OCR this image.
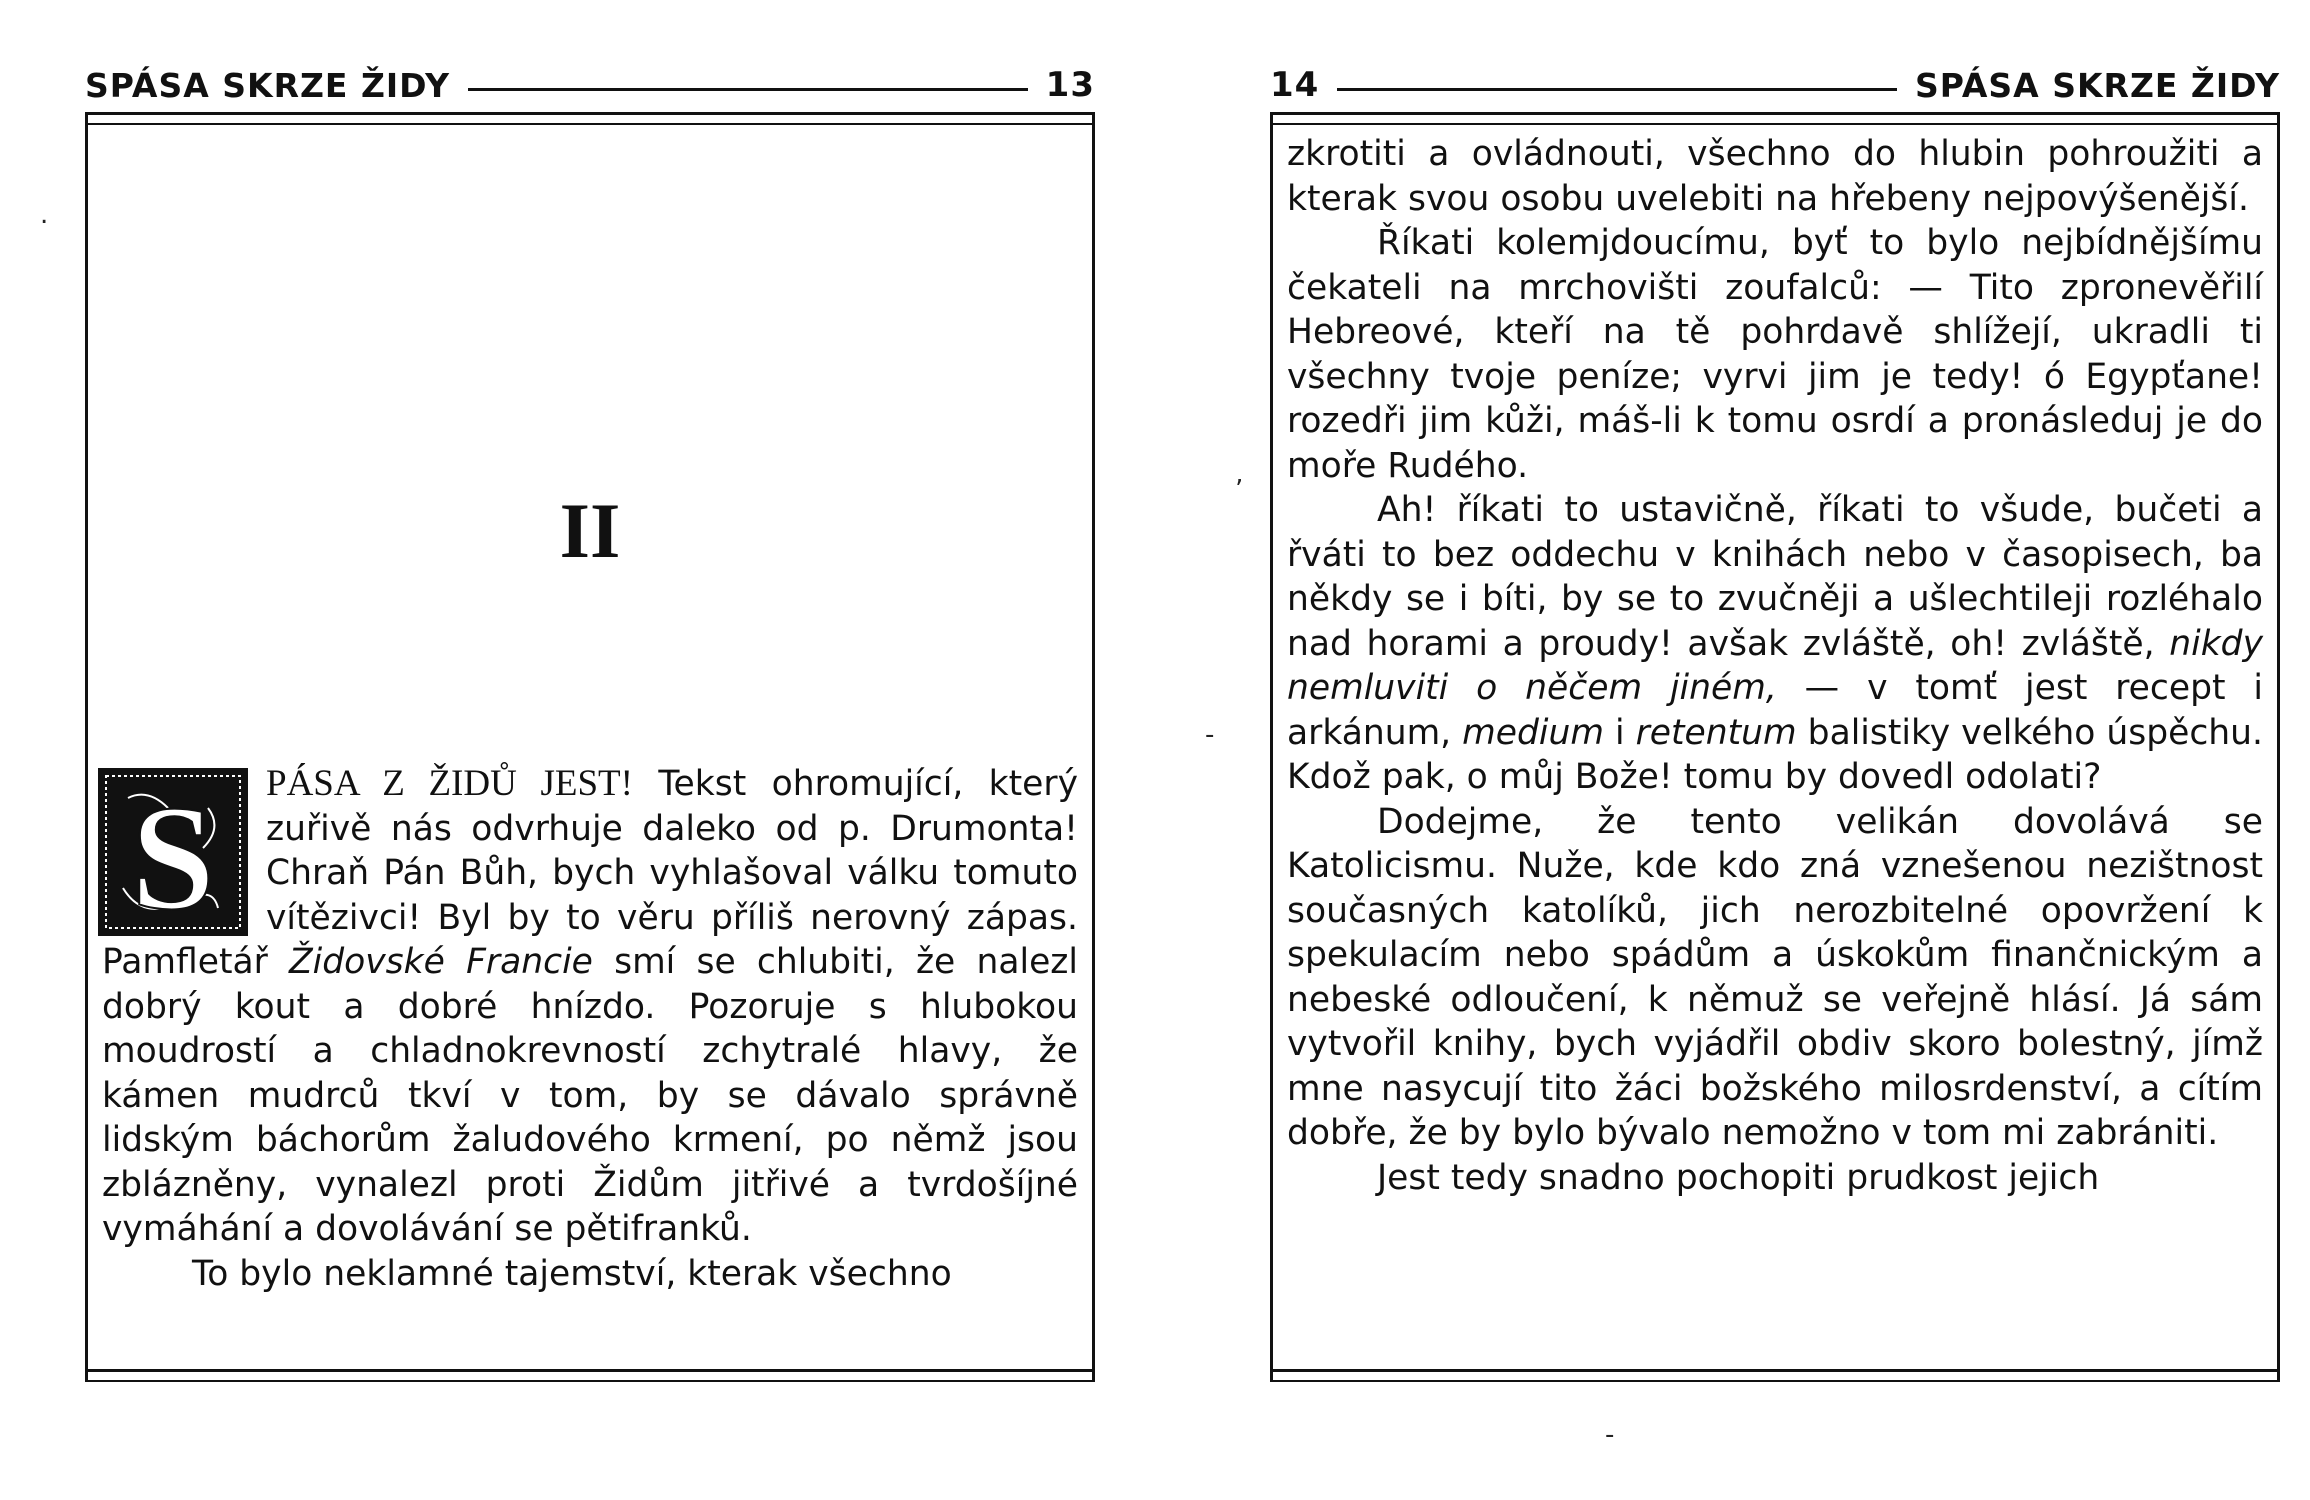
SPÁSA SKRZE ŽIDY	13
II

S PÁSA Z ŽIDŮ JEST! Tekst ohromující, který zuřivě nás odvrhuje daleko od p. Drumonta! Chraň Pán Bůh, bych vyhlašoval válku tomuto vítězivci! Byl by to věru příliš nerovný zápas. Pamfletář Židovské Francie smí se chlubiti, že nalezl dobrý kout a dobré hnízdo. Pozoruje s hlubokou moudrostí a chladnokrevností zchytralé hlavy, že kámen mudrců tkví v tom, by se dávalo správně lidským báchorům žaludového krmení, po němž jsou zblázněny, vynalezl proti Židům jitřivé a tvrdošíjné vymáhání a dovolávání se pětifranků.

To bylo neklamné tajemství, kterak všechno

14	SPÁSA SKRZE ŽIDY

zkrotiti a ovládnouti, všechno do hlubin pohroužiti a kterak svou osobu uvelebiti na hřebeny nejpovýšenější.

Říkati kolemjdoucímu, byť to bylo nejbídnějšímu čekateli na mrchovišti zoufalců: — Tito zpronevěřilí Hebreové, kteří na tě pohrdavě shlížejí, ukradli ti všechny tvoje peníze; vyrvi jim je tedy! ó Egypťane! rozedři jim kůži, máš-li k tomu osrdí a pronásleduj je do moře Rudého.

Ah! říkati to ustavičně, říkati to všude, bučeti a řváti to bez oddechu v knihách nebo v časopisech, ba někdy se i bíti, by se to zvučněji a ušlechtileji rozléhalo nad horami a proudy! avšak zvláště, oh! zvláště, nikdy nemluviti o něčem jiném, — v tomť jest recept i arkánum, medium i retentum balistiky velkého úspěchu. Kdož pak, o můj Bože! tomu by dovedl odolati?

Dodejme, že tento velikán dovolává se Katolicismu. Nuže, kde kdo zná vznešenou nezištnost současných katolíků, jich nerozbitelné opovržení k spekulacím nebo spádům a úskokům finančnickým a nebeské odloučení, k němuž se veřejně hlásí. Já sám vytvořil knihy, bych vyjádřil obdiv skoro bolestný, jímž mne nasycují tito žáci božského milosrdenství, a cítím dobře, že by bylo bývalo nemožno v tom mi zabrániti.

Jest tedy snadno pochopiti prudkost jejich

’
-
-
.
